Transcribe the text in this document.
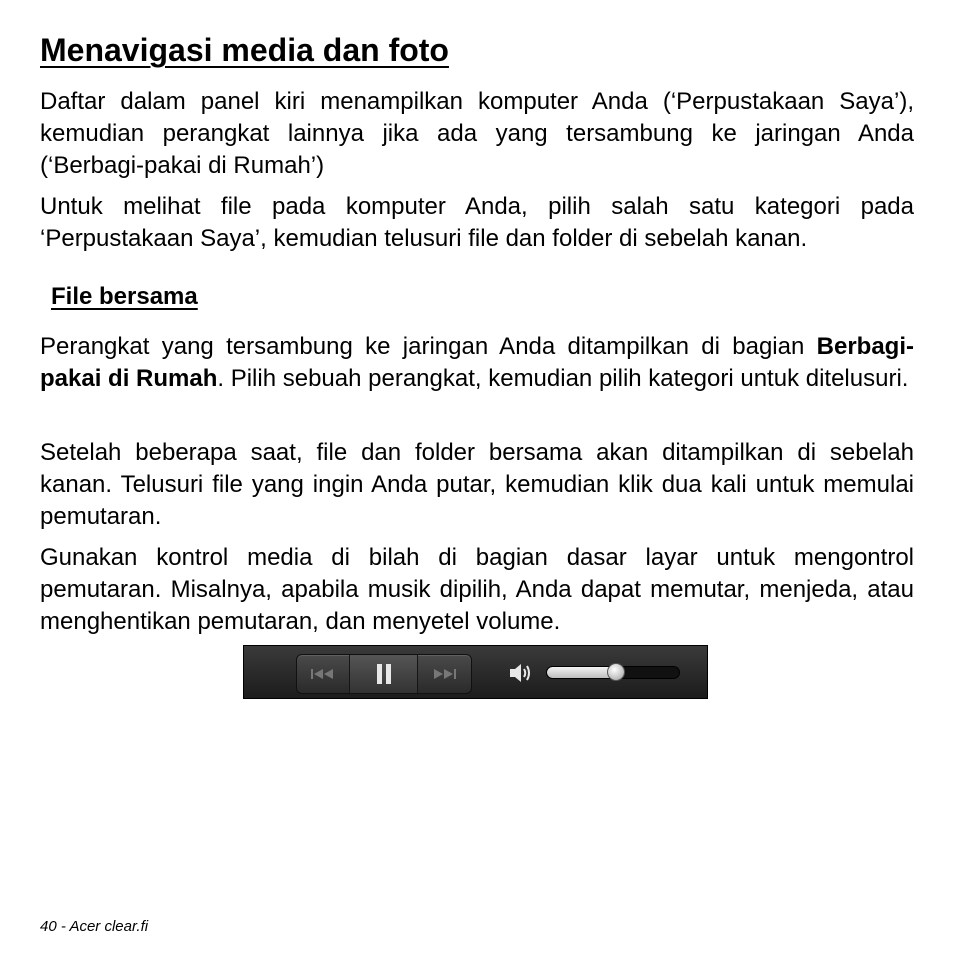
Menavigasi media dan foto

Daftar dalam panel kiri menampilkan komputer Anda (‘Perpustakaan Saya’), kemudian perangkat lainnya jika ada yang tersambung ke jaringan Anda (‘Berbagi-pakai di Rumah’)

Untuk melihat file pada komputer Anda, pilih salah satu kategori pada ‘Perpustakaan Saya’, kemudian telusuri file dan folder di sebelah kanan.

File bersama

Perangkat yang tersambung ke jaringan Anda ditampilkan di bagian Berbagi-pakai di Rumah. Pilih sebuah perangkat, kemudian pilih kategori untuk ditelusuri.

Setelah beberapa saat, file dan folder bersama akan ditampilkan di sebelah kanan. Telusuri file yang ingin Anda putar, kemudian klik dua kali untuk memulai pemutaran.

Gunakan kontrol media di bilah di bagian dasar layar untuk mengontrol pemutaran. Misalnya, apabila musik dipilih, Anda dapat memutar, menjeda, atau menghentikan pemutaran, dan menyetel volume.

40 - Acer clear.fi
